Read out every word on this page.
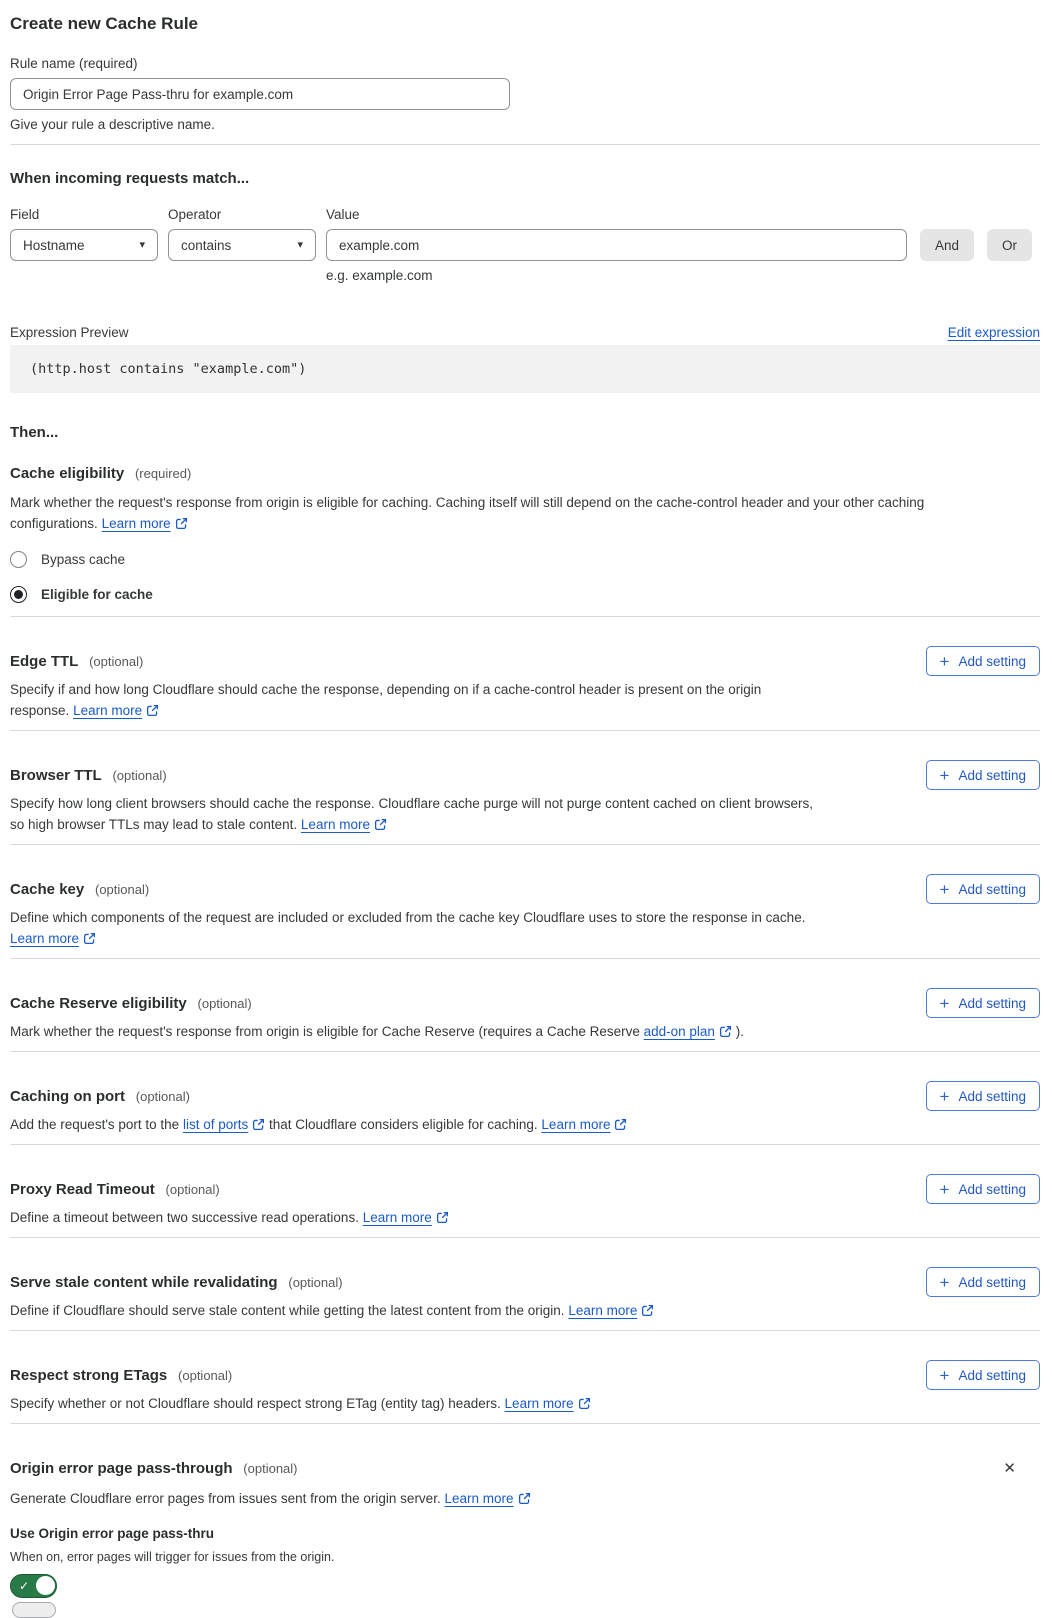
Create new Cache Rule
Rule name (required)
Origin Error Page Pass-thru for example.com
Give your rule a descriptive name.
When incoming requests match...
Field
Hostname	▾
Operator
contains	▾
Value
example.com
e.g. example.com
And	Or
Expression Preview	Edit expression
(http.host contains "example.com")
Then...
Cache eligibility (required)

Mark whether the request's response from origin is eligible for caching. Caching itself will still depend on the cache-control header and your other caching configurations. Learn more

Bypass cache
Eligible for cache
Edge TTL (optional)

Specify if and how long Cloudflare should cache the response, depending on if a cache-control header is present on the origin response. Learn more

+ Add setting
Browser TTL (optional)

Specify how long client browsers should cache the response. Cloudflare cache purge will not purge content cached on client browsers, so high browser TTLs may lead to stale content. Learn more

+ Add setting
Cache key (optional)

Define which components of the request are included or excluded from the cache key Cloudflare uses to store the response in cache. Learn more

+ Add setting
Cache Reserve eligibility (optional)

Mark whether the request's response from origin is eligible for Cache Reserve (requires a Cache Reserve add-on plan ).

+ Add setting
Caching on port (optional)

Add the request's port to the list of ports that Cloudflare considers eligible for caching. Learn more

+ Add setting
Proxy Read Timeout (optional)

Define a timeout between two successive read operations. Learn more

+ Add setting
Serve stale content while revalidating (optional)

Define if Cloudflare should serve stale content while getting the latest content from the origin. Learn more

+ Add setting
Respect strong ETags (optional)

Specify whether or not Cloudflare should respect strong ETag (entity tag) headers. Learn more

+ Add setting
Origin error page pass-through (optional)	✕

Generate Cloudflare error pages from issues sent from the origin server. Learn more

Use Origin error page pass-thru
When on, error pages will trigger for issues from the origin.
✓
